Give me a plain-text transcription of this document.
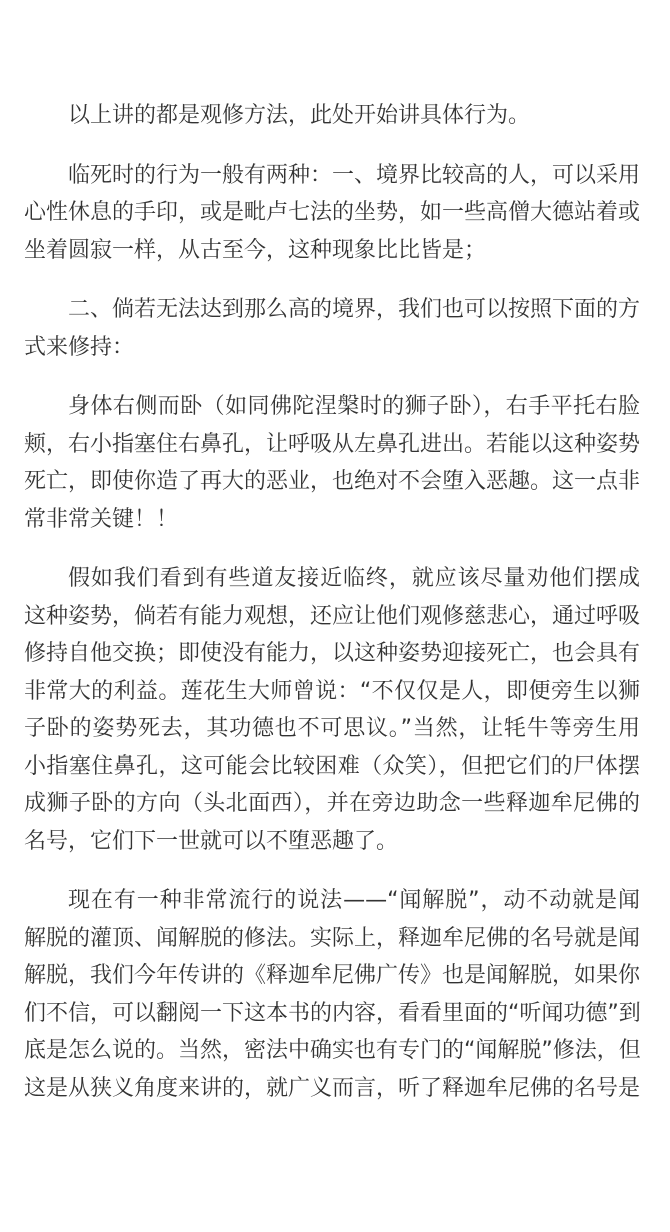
以上讲的都是观修方法，此处开始讲具体行为。
临死时的行为一般有两种：一、境界比较高的人，可以采用
心性休息的手印，或是毗卢七法的坐势，如一些高僧大德站着或
坐着圆寂一样，从古至今，这种现象比比皆是；
二、倘若无法达到那么高的境界，我们也可以按照下面的方
式来修持：
身体右侧而卧（如同佛陀涅槃时的狮子卧），右手平托右脸
颊，右小指塞住右鼻孔，让呼吸从左鼻孔进出。若能以这种姿势
死亡，即使你造了再大的恶业，也绝对不会堕入恶趣。这一点非
常非常关键！！
假如我们看到有些道友接近临终，就应该尽量劝他们摆成
这种姿势，倘若有能力观想，还应让他们观修慈悲心，通过呼吸
修持自他交换；即使没有能力，以这种姿势迎接死亡，也会具有
非常大的利益。莲花生大师曾说：“不仅仅是人，即便旁生以狮
子卧的姿势死去，其功德也不可思议。”当然，让牦牛等旁生用
小指塞住鼻孔，这可能会比较困难（众笑），但把它们的尸体摆
成狮子卧的方向（头北面西），并在旁边助念一些释迦牟尼佛的
名号，它们下一世就可以不堕恶趣了。
现在有一种非常流行的说法——“闻解脱”，动不动就是闻
解脱的灌顶、闻解脱的修法。实际上，释迦牟尼佛的名号就是闻
解脱，我们今年传讲的《释迦牟尼佛广传》也是闻解脱，如果你
们不信，可以翻阅一下这本书的内容，看看里面的“听闻功德”到
底是怎么说的。当然，密法中确实也有专门的“闻解脱”修法，但
这是从狭义角度来讲的，就广义而言，听了释迦牟尼佛的名号是
